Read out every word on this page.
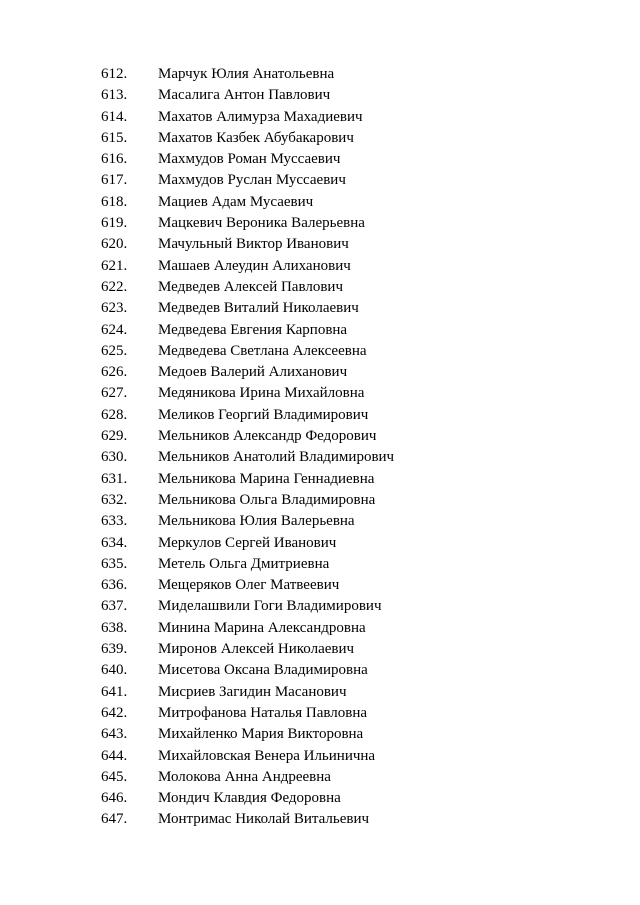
612.	Марчук Юлия Анатольевна
613.	Масалига Антон Павлович
614.	Махатов Алимурза Махадиевич
615.	Махатов Казбек Абубакарович
616.	Махмудов Роман Муссаевич
617.	Махмудов Руслан Муссаевич
618.	Мациев Адам Мусаевич
619.	Мацкевич Вероника Валерьевна
620.	Мачульный Виктор Иванович
621.	Машаев Алеудин Алиханович
622.	Медведев Алексей Павлович
623.	Медведев Виталий Николаевич
624.	Медведева Евгения Карповна
625.	Медведева Светлана Алексеевна
626.	Медоев Валерий Алиханович
627.	Медяникова Ирина Михайловна
628.	Меликов Георгий Владимирович
629.	Мельников Александр Федорович
630.	Мельников Анатолий Владимирович
631.	Мельникова Марина Геннадиевна
632.	Мельникова Ольга Владимировна
633.	Мельникова Юлия Валерьевна
634.	Меркулов Сергей Иванович
635.	Метель Ольга Дмитриевна
636.	Мещеряков Олег Матвеевич
637.	Миделашвили Гоги Владимирович
638.	Минина Марина Александровна
639.	Миронов Алексей Николаевич
640.	Мисетова Оксана Владимировна
641.	Мисриев Загидин Масанович
642.	Митрофанова Наталья Павловна
643.	Михайленко Мария Викторовна
644.	Михайловская Венера Ильинична
645.	Молокова Анна Андреевна
646.	Мондич Клавдия Федоровна
647.	Монтримас Николай Витальевич
